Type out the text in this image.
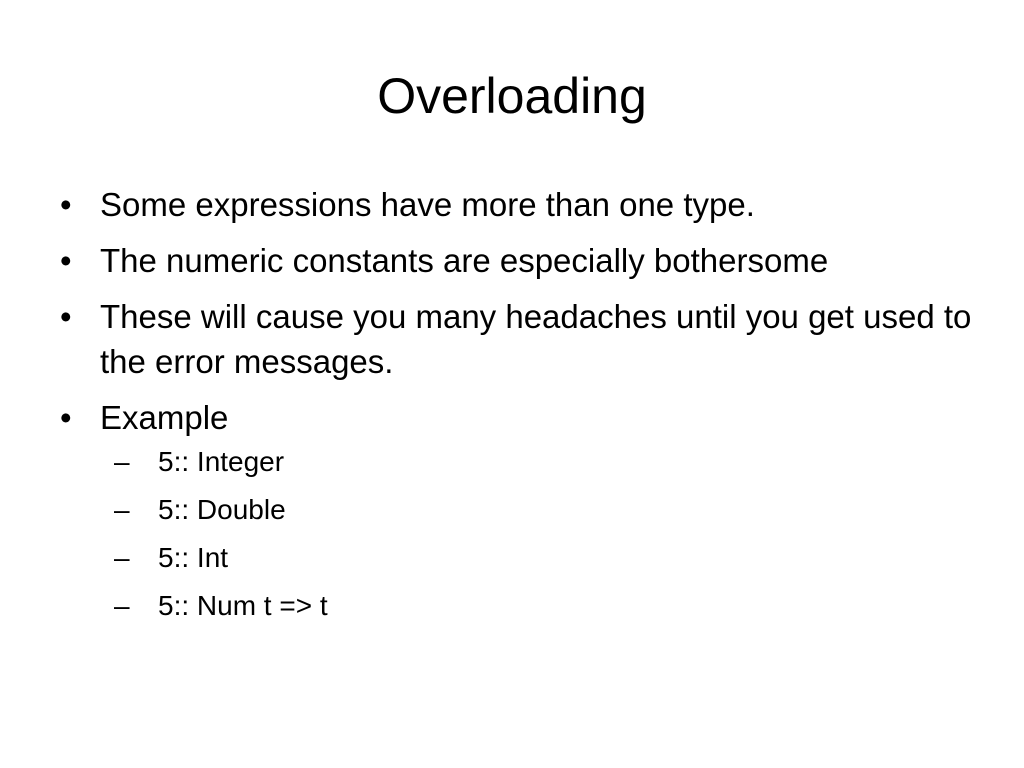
Overloading
• Some expressions have more than one type.
• The numeric constants are especially bothersome
• These will cause you many headaches until you get used to the error messages.
• Example
–	5:: Integer
–	5:: Double
–	5:: Int
–	5:: Num t => t
